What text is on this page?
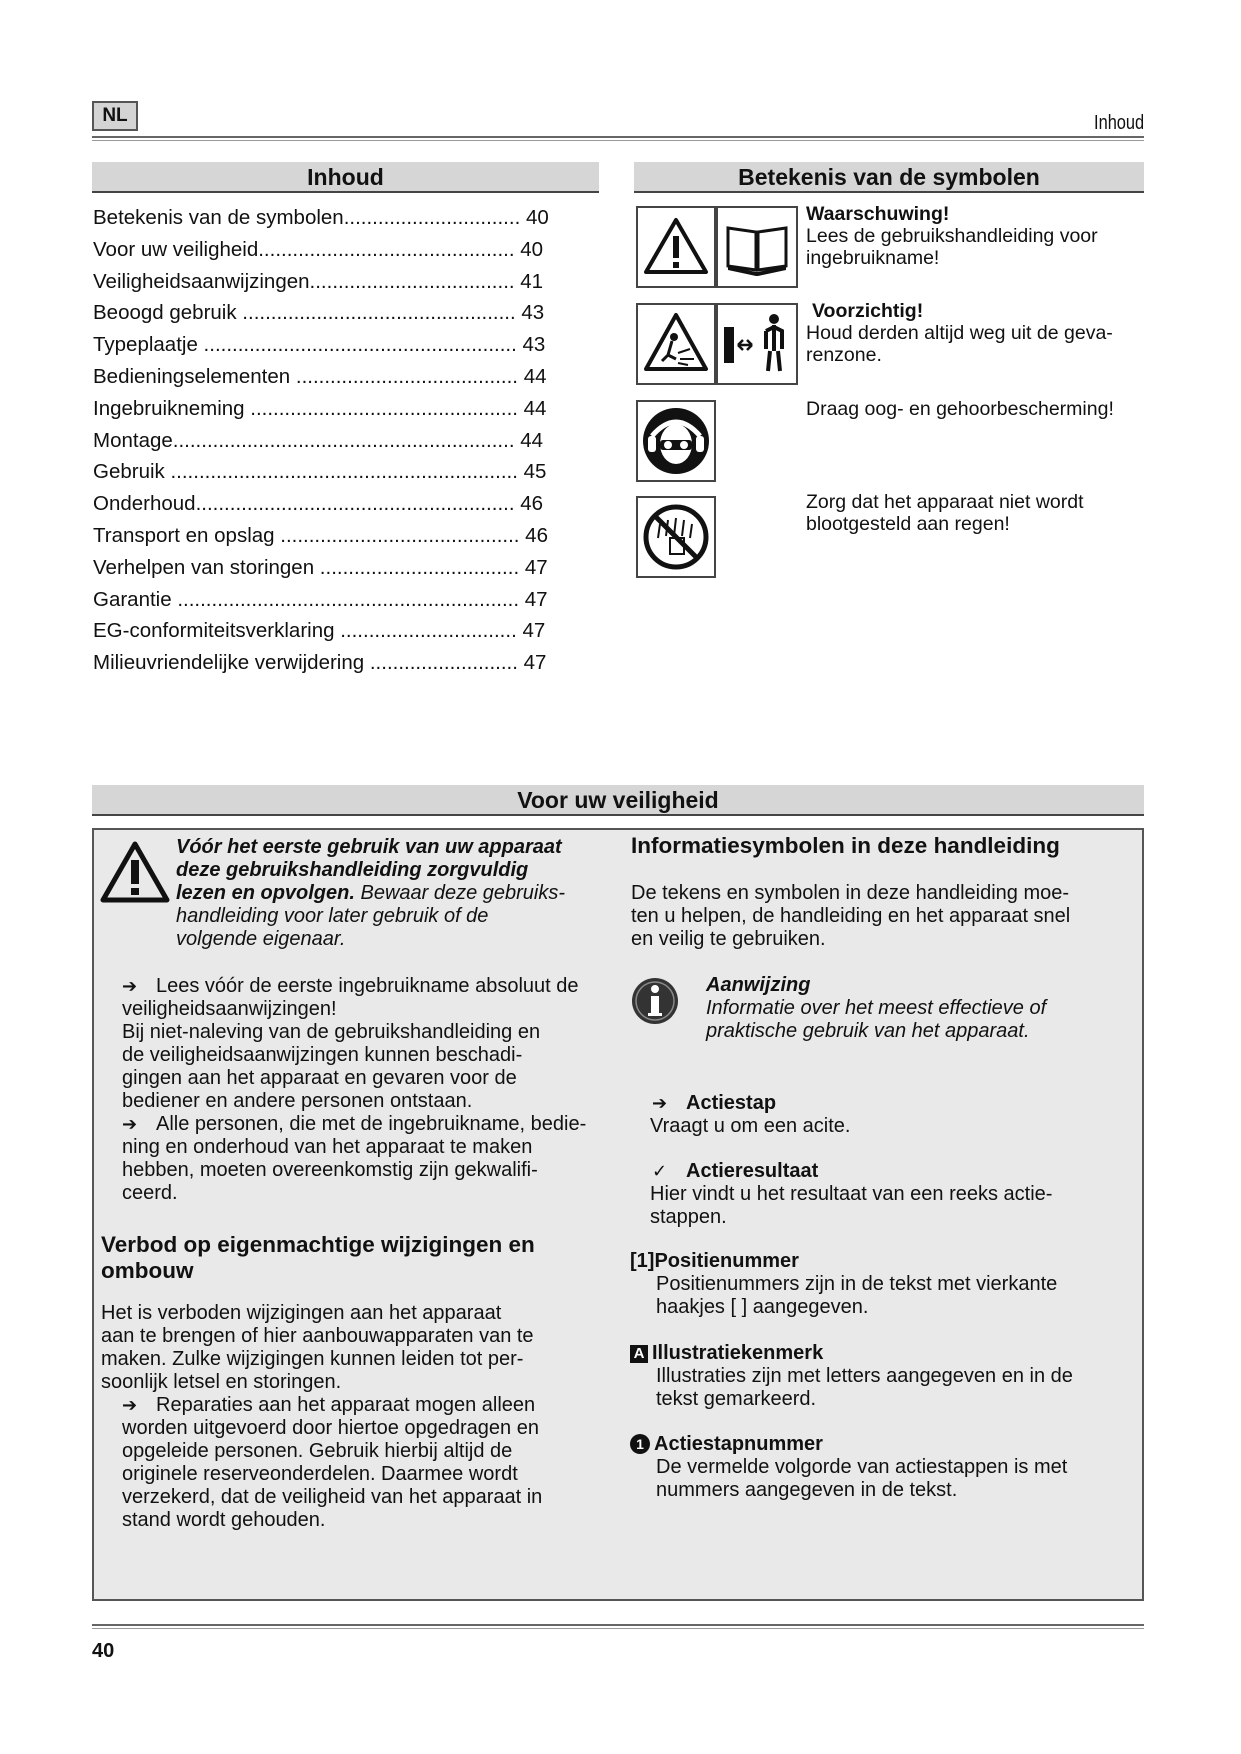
NL	Inhoud
Inhoud
Betekenis van de symbolen............................... 40
Voor uw veiligheid............................................. 40
Veiligheidsaanwijzingen.................................... 41
Beoogd gebruik ................................................ 43
Typeplaatje ....................................................... 43
Bedieningselementen ....................................... 44
Ingebruikneming ............................................... 44
Montage............................................................ 44
Gebruik ............................................................. 45
Onderhoud........................................................ 46
Transport en opslag .......................................... 46
Verhelpen van storingen ................................... 47
Garantie ............................................................ 47
EG-conformiteitsverklaring ............................... 47
Milieuvriendelijke verwijdering .......................... 47
Betekenis van de symbolen
Waarschuwing!
Lees de gebruikshandleiding voor
ingebruikname!
Voorzichtig!
Houd derden altijd weg uit de geva-
renzone.
Draag oog- en gehoorbescherming!
Zorg dat het apparaat niet wordt
blootgesteld aan regen!
Voor uw veiligheid
Vóór het eerste gebruik van uw apparaat
deze gebruikshandleiding zorgvuldig
lezen en opvolgen. Bewaar deze gebruiks-
handleiding voor later gebruik of de
volgende eigenaar.
➔ Lees vóór de eerste ingebruikname absoluut de
veiligheidsaanwijzingen!
Bij niet-naleving van de gebruikshandleiding en
de veiligheidsaanwijzingen kunnen beschadi-
gingen aan het apparaat en gevaren voor de
bediener en andere personen ontstaan.
➔ Alle personen, die met de ingebruikname, bedie-
ning en onderhoud van het apparaat te maken
hebben, moeten overeenkomstig zijn gekwalifi-
ceerd.
Verbod op eigenmachtige wijzigingen en
ombouw
Het is verboden wijzigingen aan het apparaat
aan te brengen of hier aanbouwapparaten van te
maken. Zulke wijzigingen kunnen leiden tot per-
soonlijk letsel en storingen.
➔ Reparaties aan het apparaat mogen alleen
worden uitgevoerd door hiertoe opgedragen en
opgeleide personen. Gebruik hierbij altijd de
originele reserveonderdelen. Daarmee wordt
verzekerd, dat de veiligheid van het apparaat in
stand wordt gehouden.
Informatiesymbolen in deze handleiding
De tekens en symbolen in deze handleiding moe-
ten u helpen, de handleiding en het apparaat snel
en veilig te gebruiken.
Aanwijzing
Informatie over het meest effectieve of
praktische gebruik van het apparaat.
➔ Actiestap
Vraagt u om een acite.
✓ Actieresultaat
Hier vindt u het resultaat van een reeks actie-
stappen.
[1]Positienummer
Positienummers zijn in de tekst met vierkante
haakjes [ ] aangegeven.
A Illustratiekenmerk
Illustraties zijn met letters aangegeven en in de
tekst gemarkeerd.
1 Actiestapnummer
De vermelde volgorde van actiestappen is met
nummers aangegeven in de tekst.
40
